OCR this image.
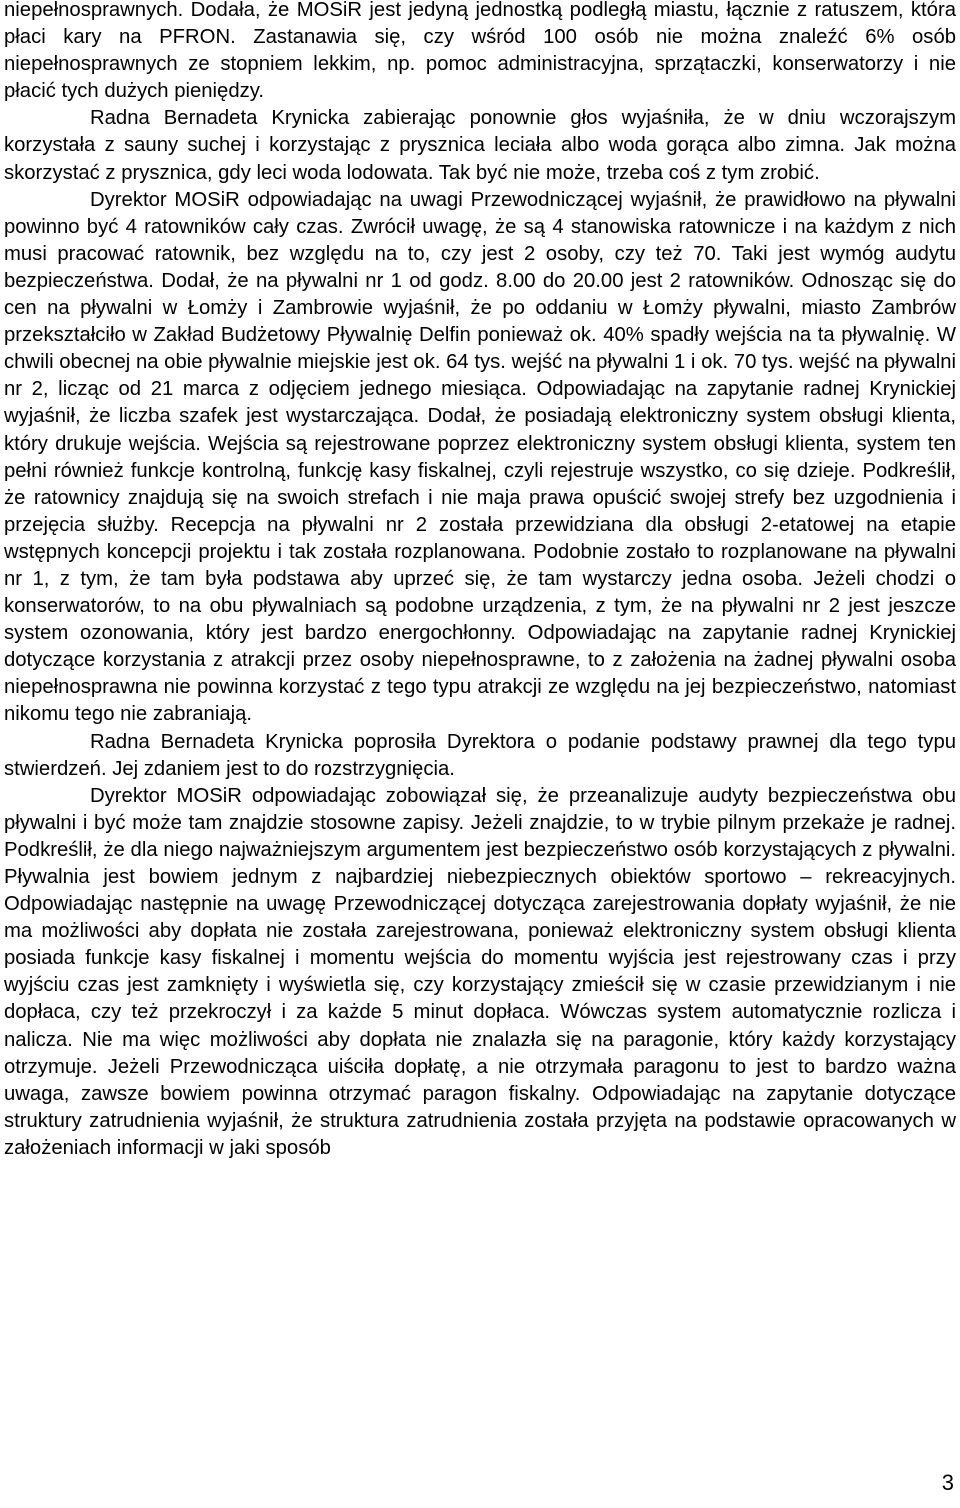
niepełnosprawnych. Dodała, że MOSiR jest jedyną jednostką podległą miastu, łącznie z ratuszem, która płaci kary na PFRON. Zastanawia się, czy wśród 100 osób nie można znaleźć 6% osób niepełnosprawnych ze stopniem lekkim, np. pomoc administracyjna, sprzątaczki, konserwatorzy i nie płacić tych dużych pieniędzy.

Radna Bernadeta Krynicka zabierając ponownie głos wyjaśniła, że w dniu wczorajszym korzystała z sauny suchej i korzystając z prysznica leciała albo woda gorąca albo zimna. Jak można skorzystać z prysznica, gdy leci woda lodowata. Tak być nie może, trzeba coś z tym zrobić.

Dyrektor MOSiR odpowiadając na uwagi Przewodniczącej wyjaśnił, że prawidłowo na pływalni powinno być 4 ratowników cały czas. Zwrócił uwagę, że są 4 stanowiska ratownicze i na każdym z nich musi pracować ratownik, bez względu na to, czy jest 2 osoby, czy też 70. Taki jest wymóg audytu bezpieczeństwa. Dodał, że na pływalni nr 1 od godz. 8.00 do 20.00 jest 2 ratowników. Odnosząc się do cen na pływalni w Łomży i Zambrowie wyjaśnił, że po oddaniu w Łomży pływalni, miasto Zambrów przekształciło w Zakład Budżetowy Pływalnię Delfin ponieważ ok. 40% spadły wejścia na ta pływalnię. W chwili obecnej na obie pływalnie miejskie jest ok. 64 tys. wejść na pływalni 1 i ok. 70 tys. wejść na pływalni nr 2, licząc od 21 marca z odjęciem jednego miesiąca. Odpowiadając na zapytanie radnej Krynickiej wyjaśnił, że liczba szafek jest wystarczająca. Dodał, że posiadają elektroniczny system obsługi klienta, który drukuje wejścia. Wejścia są rejestrowane poprzez elektroniczny system obsługi klienta, system ten pełni również funkcje kontrolną, funkcję kasy fiskalnej, czyli rejestruje wszystko, co się dzieje. Podkreślił, że ratownicy znajdują się na swoich strefach i nie maja prawa opuścić swojej strefy bez uzgodnienia i przejęcia służby. Recepcja na pływalni nr 2 została przewidziana dla obsługi 2-etatowej na etapie wstępnych koncepcji projektu i tak została rozplanowana. Podobnie zostało to rozplanowane na pływalni nr 1, z tym, że tam była podstawa aby uprzeć się, że tam wystarczy jedna osoba. Jeżeli chodzi o konserwatorów, to na obu pływalniach są podobne urządzenia, z tym, że na pływalni nr 2 jest jeszcze system ozonowania, który jest bardzo energochłonny. Odpowiadając na zapytanie radnej Krynickiej dotyczące korzystania z atrakcji przez osoby niepełnosprawne, to z założenia na żadnej pływalni osoba niepełnosprawna nie powinna korzystać z tego typu atrakcji ze względu na jej bezpieczeństwo, natomiast nikomu tego nie zabraniają.

Radna Bernadeta Krynicka poprosiła Dyrektora o podanie podstawy prawnej dla tego typu stwierdzeń. Jej zdaniem jest to do rozstrzygnięcia.

Dyrektor MOSiR odpowiadając zobowiązał się, że przeanalizuje audyty bezpieczeństwa obu pływalni i być może tam znajdzie stosowne zapisy. Jeżeli znajdzie, to w trybie pilnym przekaże je radnej. Podkreślił, że dla niego najważniejszym argumentem jest bezpieczeństwo osób korzystających z pływalni. Pływalnia jest bowiem jednym z najbardziej niebezpiecznych obiektów sportowo – rekreacyjnych. Odpowiadając następnie na uwagę Przewodniczącej dotycząca zarejestrowania dopłaty wyjaśnił, że nie ma możliwości aby dopłata nie została zarejestrowana, ponieważ elektroniczny system obsługi klienta posiada funkcje kasy fiskalnej i momentu wejścia do momentu wyjścia jest rejestrowany czas i przy wyjściu czas jest zamknięty i wyświetla się, czy korzystający zmieścił się w czasie przewidzianym i nie dopłaca, czy też przekroczył i za każde 5 minut dopłaca. Wówczas system automatycznie rozlicza i nalicza. Nie ma więc możliwości aby dopłata nie znalazła się na paragonie, który każdy korzystający otrzymuje. Jeżeli Przewodnicząca uiściła dopłatę, a nie otrzymała paragonu to jest to bardzo ważna uwaga, zawsze bowiem powinna otrzymać paragon fiskalny. Odpowiadając na zapytanie dotyczące struktury zatrudnienia wyjaśnił, że struktura zatrudnienia została przyjęta na podstawie opracowanych w założeniach informacji w jaki sposób

3
